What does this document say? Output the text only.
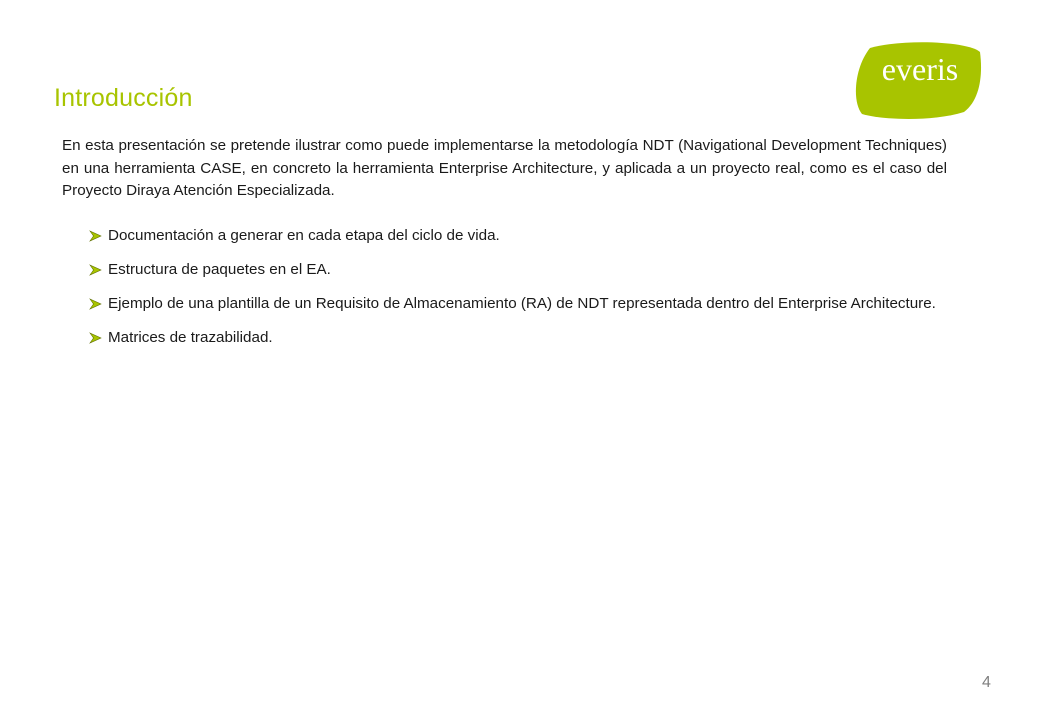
Introducción
everis

En esta presentación se pretende ilustrar como puede implementarse la metodología NDT (Navigational Development Techniques) en una herramienta CASE, en concreto la herramienta Enterprise Architecture, y aplicada a un proyecto real, como es el caso del Proyecto Diraya Atención Especializada.

Documentación a generar en cada etapa del ciclo de vida.
Estructura de paquetes en el EA.
Ejemplo de una plantilla de un Requisito de Almacenamiento (RA) de NDT representada dentro del Enterprise Architecture.
Matrices de trazabilidad.
4
